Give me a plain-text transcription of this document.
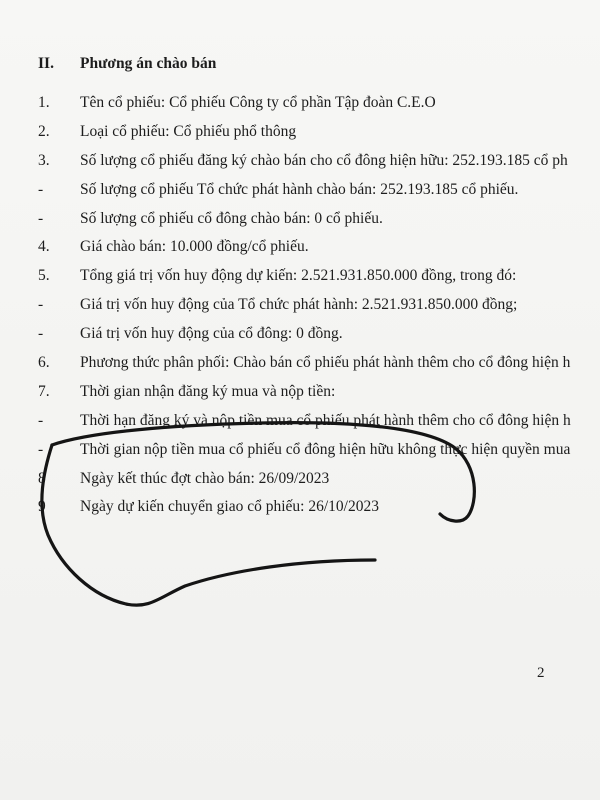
II. Phương án chào bán
1. Tên cổ phiếu: Cổ phiếu Công ty cổ phần Tập đoàn C.E.O
2. Loại cổ phiếu: Cổ phiếu phổ thông
3. Số lượng cổ phiếu đăng ký chào bán cho cổ đông hiện hữu: 252.193.185 cổ ph
- Số lượng cổ phiếu Tổ chức phát hành chào bán: 252.193.185 cổ phiếu.
- Số lượng cổ phiếu cổ đông chào bán: 0 cổ phiếu.
4. Giá chào bán: 10.000 đồng/cổ phiếu.
5. Tổng giá trị vốn huy động dự kiến: 2.521.931.850.000 đồng, trong đó:
- Giá trị vốn huy động của Tổ chức phát hành: 2.521.931.850.000 đồng;
- Giá trị vốn huy động của cổ đông: 0 đồng.
6. Phương thức phân phối: Chào bán cổ phiếu phát hành thêm cho cổ đông hiện h
7. Thời gian nhận đăng ký mua và nộp tiền:
- Thời hạn đăng ký và nộp tiền mua cổ phiếu phát hành thêm cho cổ đông hiện h
- Thời gian nộp tiền mua cổ phiếu cổ đông hiện hữu không thực hiện quyền mua
8 Ngày kết thúc đợt chào bán: 26/09/2023
9 Ngày dự kiến chuyển giao cổ phiếu: 26/10/2023
2
